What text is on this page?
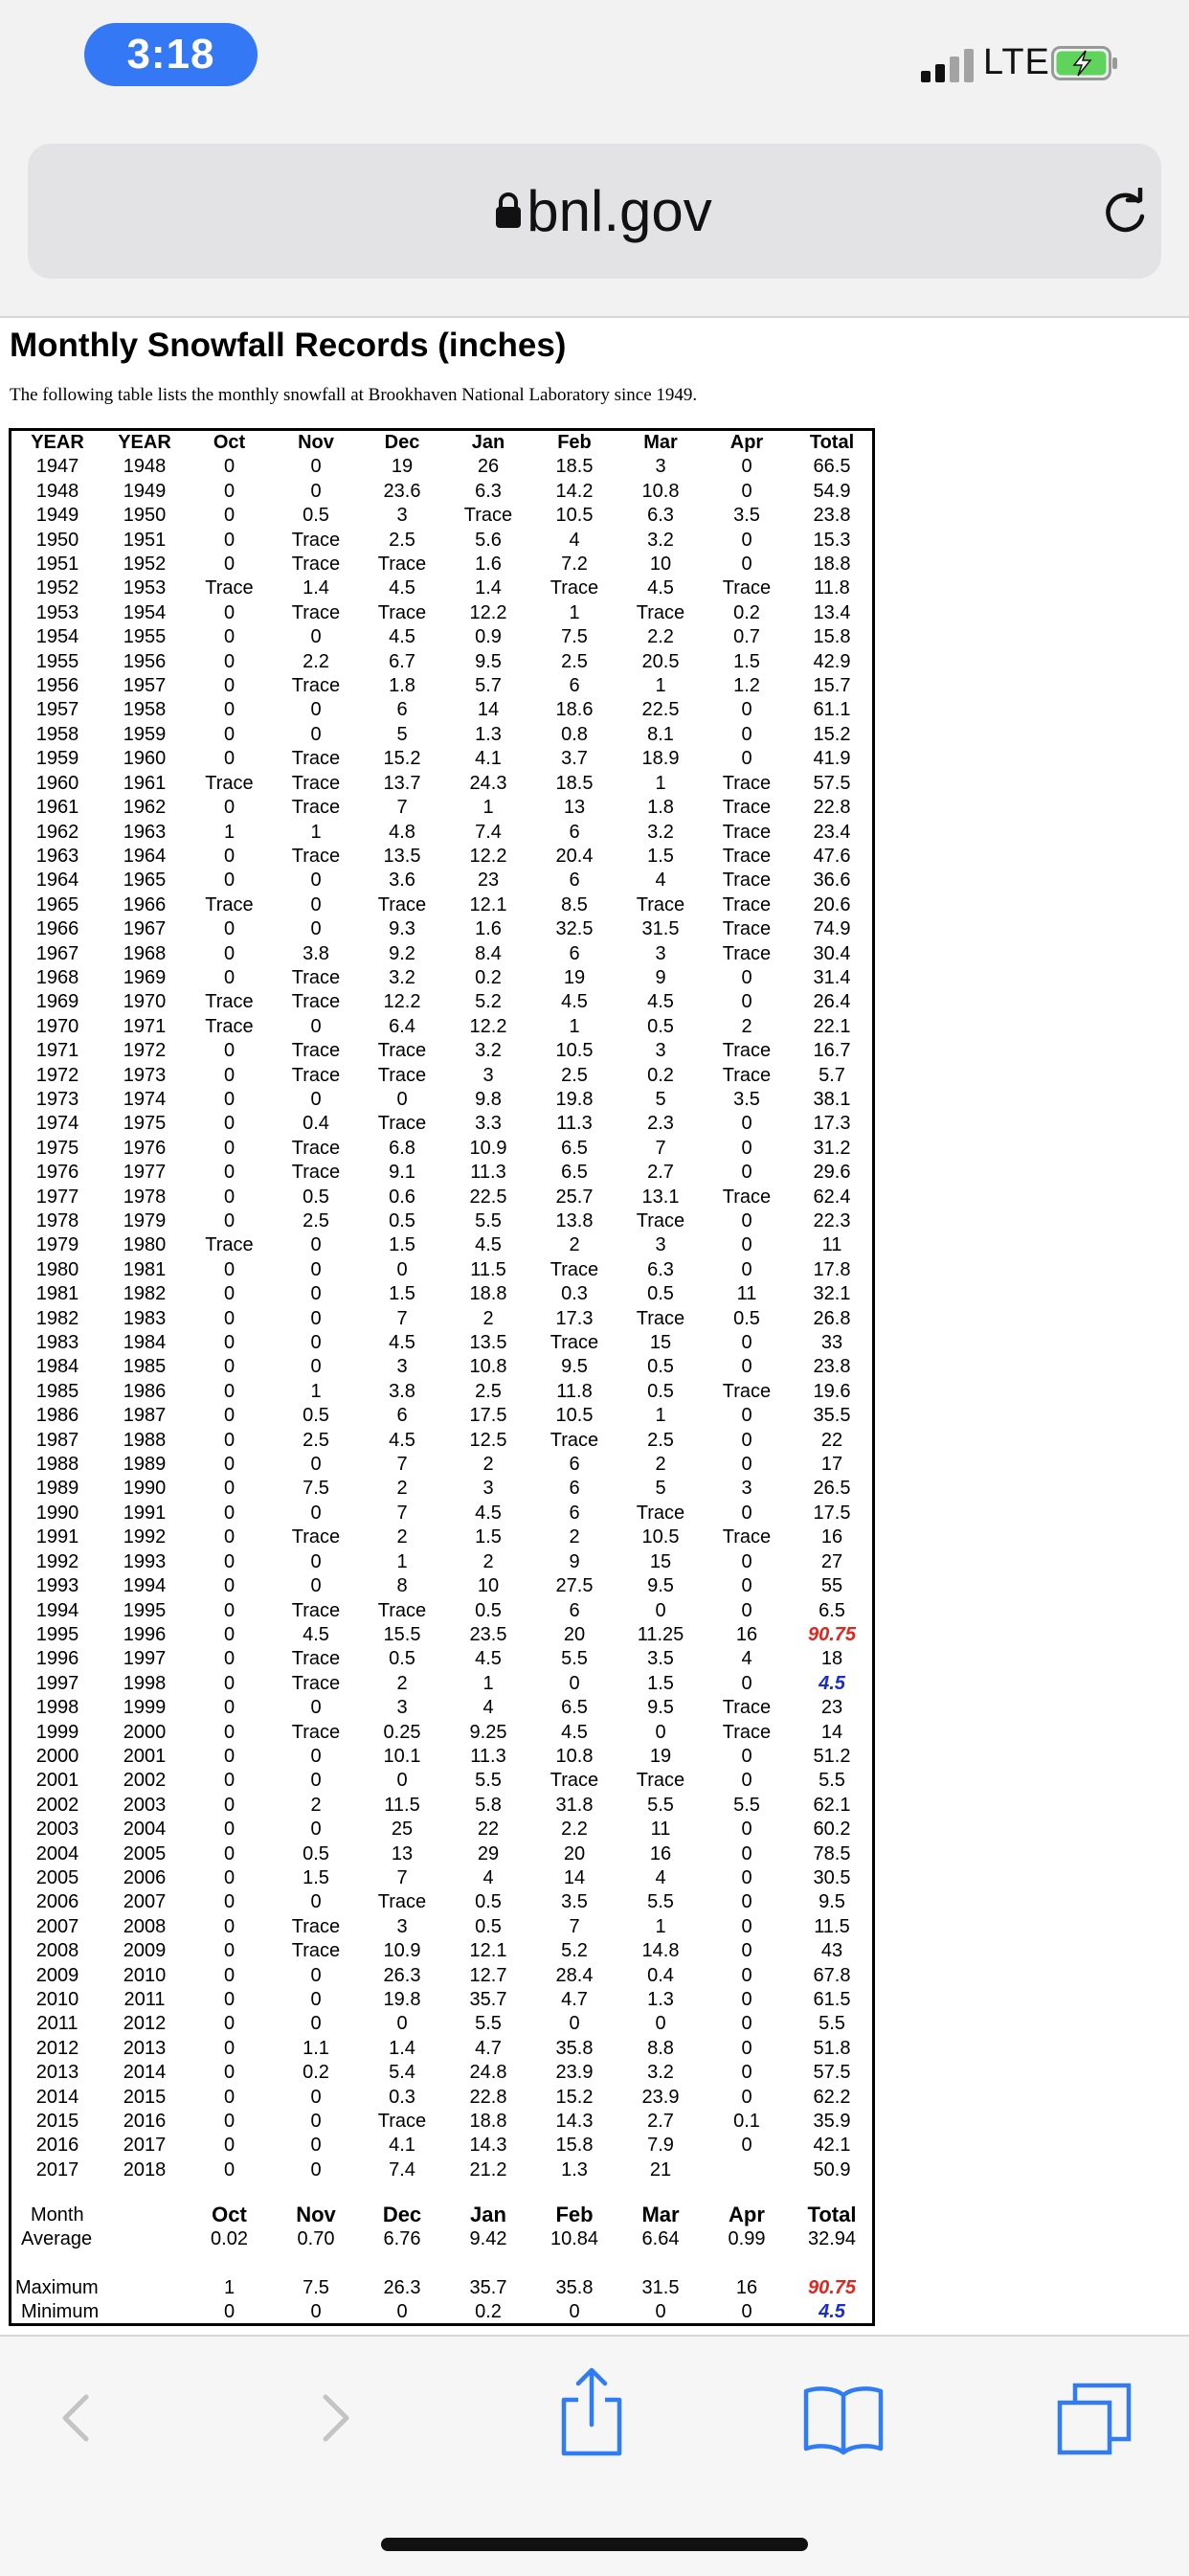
3:18	LTE
bnl.gov
Monthly Snowfall Records (inches)
The following table lists the monthly snowfall at Brookhaven National Laboratory since 1949.
YEAR	YEAR	Oct	Nov	Dec	Jan	Feb	Mar	Apr	Total
1947	1948	0	0	19	26	18.5	3	0	66.5
1948	1949	0	0	23.6	6.3	14.2	10.8	0	54.9
1949	1950	0	0.5	3	Trace	10.5	6.3	3.5	23.8
1950	1951	0	Trace	2.5	5.6	4	3.2	0	15.3
1951	1952	0	Trace	Trace	1.6	7.2	10	0	18.8
1952	1953	Trace	1.4	4.5	1.4	Trace	4.5	Trace	11.8
1953	1954	0	Trace	Trace	12.2	1	Trace	0.2	13.4
1954	1955	0	0	4.5	0.9	7.5	2.2	0.7	15.8
1955	1956	0	2.2	6.7	9.5	2.5	20.5	1.5	42.9
1956	1957	0	Trace	1.8	5.7	6	1	1.2	15.7
1957	1958	0	0	6	14	18.6	22.5	0	61.1
1958	1959	0	0	5	1.3	0.8	8.1	0	15.2
1959	1960	0	Trace	15.2	4.1	3.7	18.9	0	41.9
1960	1961	Trace	Trace	13.7	24.3	18.5	1	Trace	57.5
1961	1962	0	Trace	7	1	13	1.8	Trace	22.8
1962	1963	1	1	4.8	7.4	6	3.2	Trace	23.4
1963	1964	0	Trace	13.5	12.2	20.4	1.5	Trace	47.6
1964	1965	0	0	3.6	23	6	4	Trace	36.6
1965	1966	Trace	0	Trace	12.1	8.5	Trace	Trace	20.6
1966	1967	0	0	9.3	1.6	32.5	31.5	Trace	74.9
1967	1968	0	3.8	9.2	8.4	6	3	Trace	30.4
1968	1969	0	Trace	3.2	0.2	19	9	0	31.4
1969	1970	Trace	Trace	12.2	5.2	4.5	4.5	0	26.4
1970	1971	Trace	0	6.4	12.2	1	0.5	2	22.1
1971	1972	0	Trace	Trace	3.2	10.5	3	Trace	16.7
1972	1973	0	Trace	Trace	3	2.5	0.2	Trace	5.7
1973	1974	0	0	0	9.8	19.8	5	3.5	38.1
1974	1975	0	0.4	Trace	3.3	11.3	2.3	0	17.3
1975	1976	0	Trace	6.8	10.9	6.5	7	0	31.2
1976	1977	0	Trace	9.1	11.3	6.5	2.7	0	29.6
1977	1978	0	0.5	0.6	22.5	25.7	13.1	Trace	62.4
1978	1979	0	2.5	0.5	5.5	13.8	Trace	0	22.3
1979	1980	Trace	0	1.5	4.5	2	3	0	11
1980	1981	0	0	0	11.5	Trace	6.3	0	17.8
1981	1982	0	0	1.5	18.8	0.3	0.5	11	32.1
1982	1983	0	0	7	2	17.3	Trace	0.5	26.8
1983	1984	0	0	4.5	13.5	Trace	15	0	33
1984	1985	0	0	3	10.8	9.5	0.5	0	23.8
1985	1986	0	1	3.8	2.5	11.8	0.5	Trace	19.6
1986	1987	0	0.5	6	17.5	10.5	1	0	35.5
1987	1988	0	2.5	4.5	12.5	Trace	2.5	0	22
1988	1989	0	0	7	2	6	2	0	17
1989	1990	0	7.5	2	3	6	5	3	26.5
1990	1991	0	0	7	4.5	6	Trace	0	17.5
1991	1992	0	Trace	2	1.5	2	10.5	Trace	16
1992	1993	0	0	1	2	9	15	0	27
1993	1994	0	0	8	10	27.5	9.5	0	55
1994	1995	0	Trace	Trace	0.5	6	0	0	6.5
1995	1996	0	4.5	15.5	23.5	20	11.25	16	90.75
1996	1997	0	Trace	0.5	4.5	5.5	3.5	4	18
1997	1998	0	Trace	2	1	0	1.5	0	4.5
1998	1999	0	0	3	4	6.5	9.5	Trace	23
1999	2000	0	Trace	0.25	9.25	4.5	0	Trace	14
2000	2001	0	0	10.1	11.3	10.8	19	0	51.2
2001	2002	0	0	0	5.5	Trace	Trace	0	5.5
2002	2003	0	2	11.5	5.8	31.8	5.5	5.5	62.1
2003	2004	0	0	25	22	2.2	11	0	60.2
2004	2005	0	0.5	13	29	20	16	0	78.5
2005	2006	0	1.5	7	4	14	4	0	30.5
2006	2007	0	0	Trace	0.5	3.5	5.5	0	9.5
2007	2008	0	Trace	3	0.5	7	1	0	11.5
2008	2009	0	Trace	10.9	12.1	5.2	14.8	0	43
2009	2010	0	0	26.3	12.7	28.4	0.4	0	67.8
2010	2011	0	0	19.8	35.7	4.7	1.3	0	61.5
2011	2012	0	0	0	5.5	0	0	0	5.5
2012	2013	0	1.1	1.4	4.7	35.8	8.8	0	51.8
2013	2014	0	0.2	5.4	24.8	23.9	3.2	0	57.5
2014	2015	0	0	0.3	22.8	15.2	23.9	0	62.2
2015	2016	0	0	Trace	18.8	14.3	2.7	0.1	35.9
2016	2017	0	0	4.1	14.3	15.8	7.9	0	42.1
2017	2018	0	0	7.4	21.2	1.3	21		50.9
Month		Oct	Nov	Dec	Jan	Feb	Mar	Apr	Total
Average		0.02	0.70	6.76	9.42	10.84	6.64	0.99	32.94

Maximum		1	7.5	26.3	35.7	35.8	31.5	16	90.75
Minimum		0	0	0	0.2	0	0	0	4.5
